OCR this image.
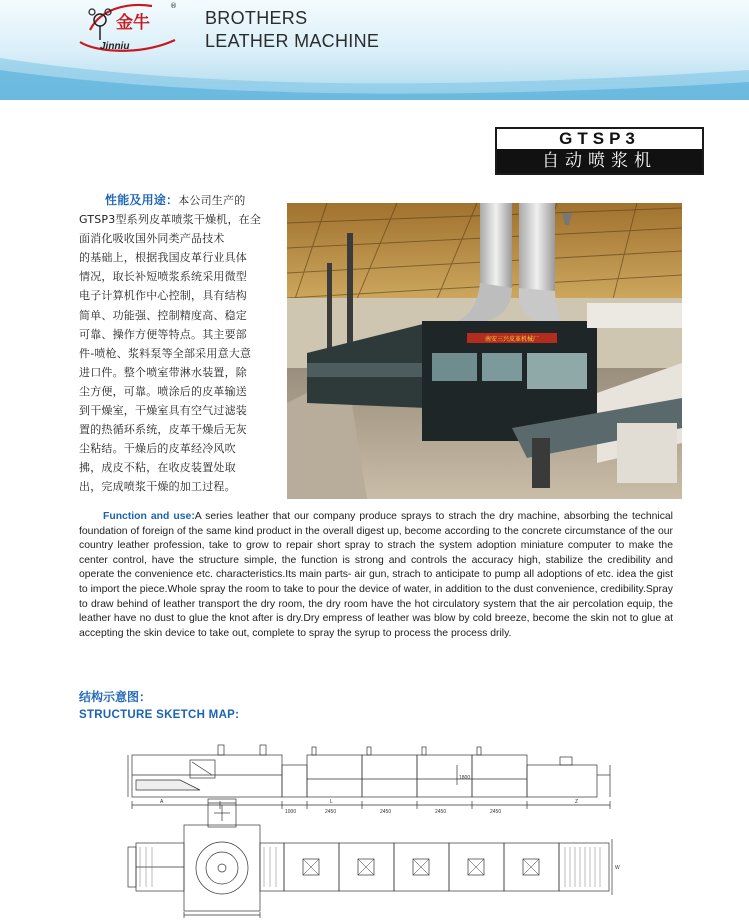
金牛
Jinniu
®
BROTHERS
LEATHER MACHINE
GTSP3
自动喷浆机
性能及用途：本公司生产的
GTSP3型系列皮革喷浆干燥机，在全
面消化吸收国外同类产品技术
的基础上，根据我国皮革行业具体
情况，取长补短喷浆系统采用微型
电子计算机作中心控制，具有结构
简单、功能强、控制精度高、稳定
可靠、操作方便等特点。其主要部
件-喷枪、浆料泵等全部采用意大意
进口件。整个喷室带淋水装置，除
尘方便，可靠。喷涂后的皮革输送
到干燥室，干燥室具有空气过滤装
置的热循环系统，皮革干燥后无灰
尘粘结。干燥后的皮革经冷风吹
拂，成皮不粘，在收皮装置处取
出，完成喷浆干燥的加工过程。
南安三兴皮革机械厂
Function and use:A series leather that our company produce sprays to strach the dry machine, absorbing the technical foundation of foreign of the same kind product in the overall digest up, become according to the concrete circumstance of the our country leather profession, take to grow to repair short spray to strach the system adoption miniature computer to make the center control, have the structure simple, the function is strong and controls the accuracy high, stabilize the credibility and operate the convenience etc. characteristics.Its main parts- air gun, strach to anticipate to pump all adoptions of etc. idea the gist to import the piece.Whole spray the room to take to pour the device of water, in addition to the dust convenience, credibility.Spray to draw behind of leather transport the dry room, the dry room have the hot circulatory system that the air percolation equip, the leather have no dust to glue the knot after is dry.Dry empress of leather was blow by cold breeze, become the skin not to glue at accepting the skin device to take out, complete to spray the syrup to process the process drily.
结构示意图：
STRUCTURE SKETCH MAP:
A	L
1000	2450	2450	2450	2450
1800
Z
W
